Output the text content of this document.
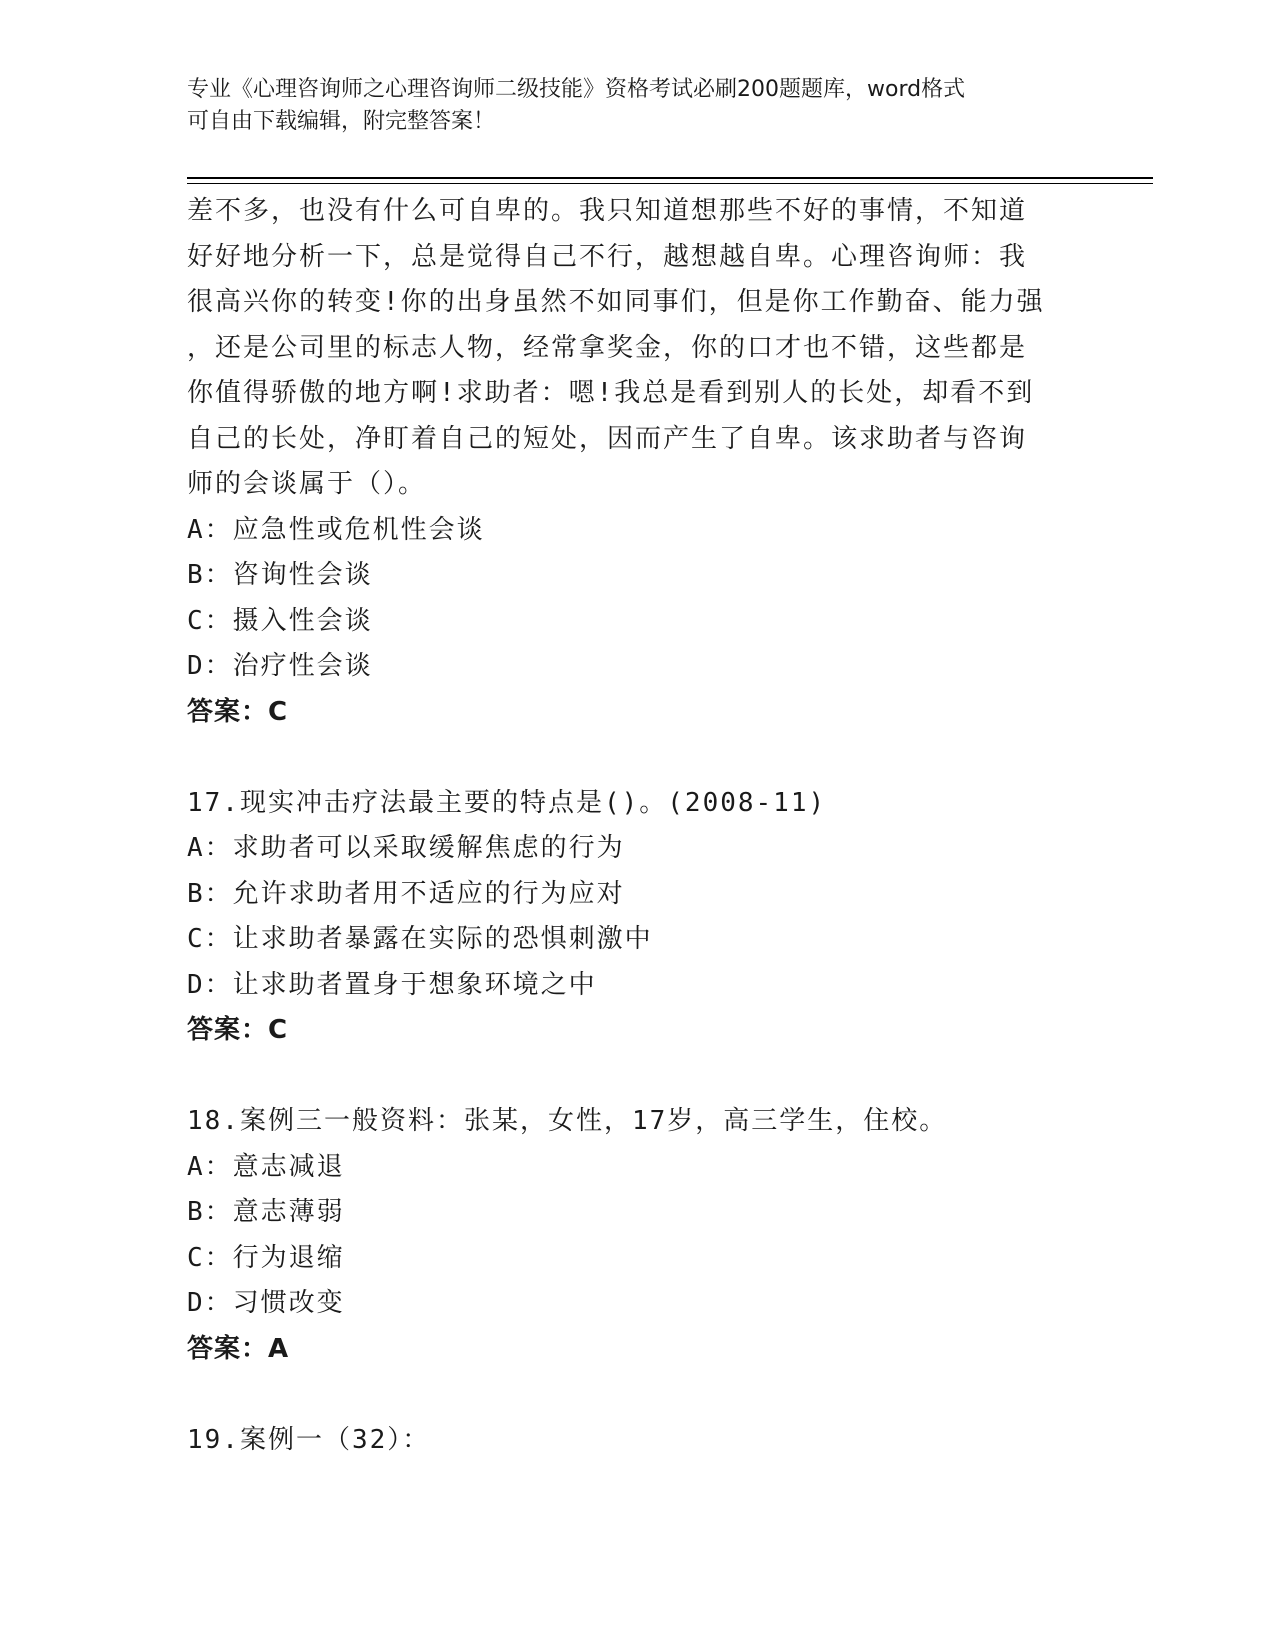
专业《心理咨询师之心理咨询师二级技能》资格考试必刷200题题库，word格式
可自由下载编辑，附完整答案！
差不多，也没有什么可自卑的。我只知道想那些不好的事情，不知道
好好地分析一下，总是觉得自己不行，越想越自卑。心理咨询师：我
很高兴你的转变!你的出身虽然不如同事们，但是你工作勤奋、能力强
，还是公司里的标志人物，经常拿奖金，你的口才也不错，这些都是
你值得骄傲的地方啊!求助者：嗯!我总是看到别人的长处，却看不到
自己的长处，净盯着自己的短处，因而产生了自卑。该求助者与咨询
师的会谈属于（）。
A：应急性或危机性会谈
B：咨询性会谈
C：摄入性会谈
D：治疗性会谈
答案：C
17.现实冲击疗法最主要的特点是()。(2008-11)
A：求助者可以采取缓解焦虑的行为
B：允许求助者用不适应的行为应对
C：让求助者暴露在实际的恐惧刺激中
D：让求助者置身于想象环境之中
答案：C
18.案例三一般资料：张某，女性，17岁，高三学生，住校。
A：意志减退
B：意志薄弱
C：行为退缩
D：习惯改变
答案：A
19.案例一（32）：
